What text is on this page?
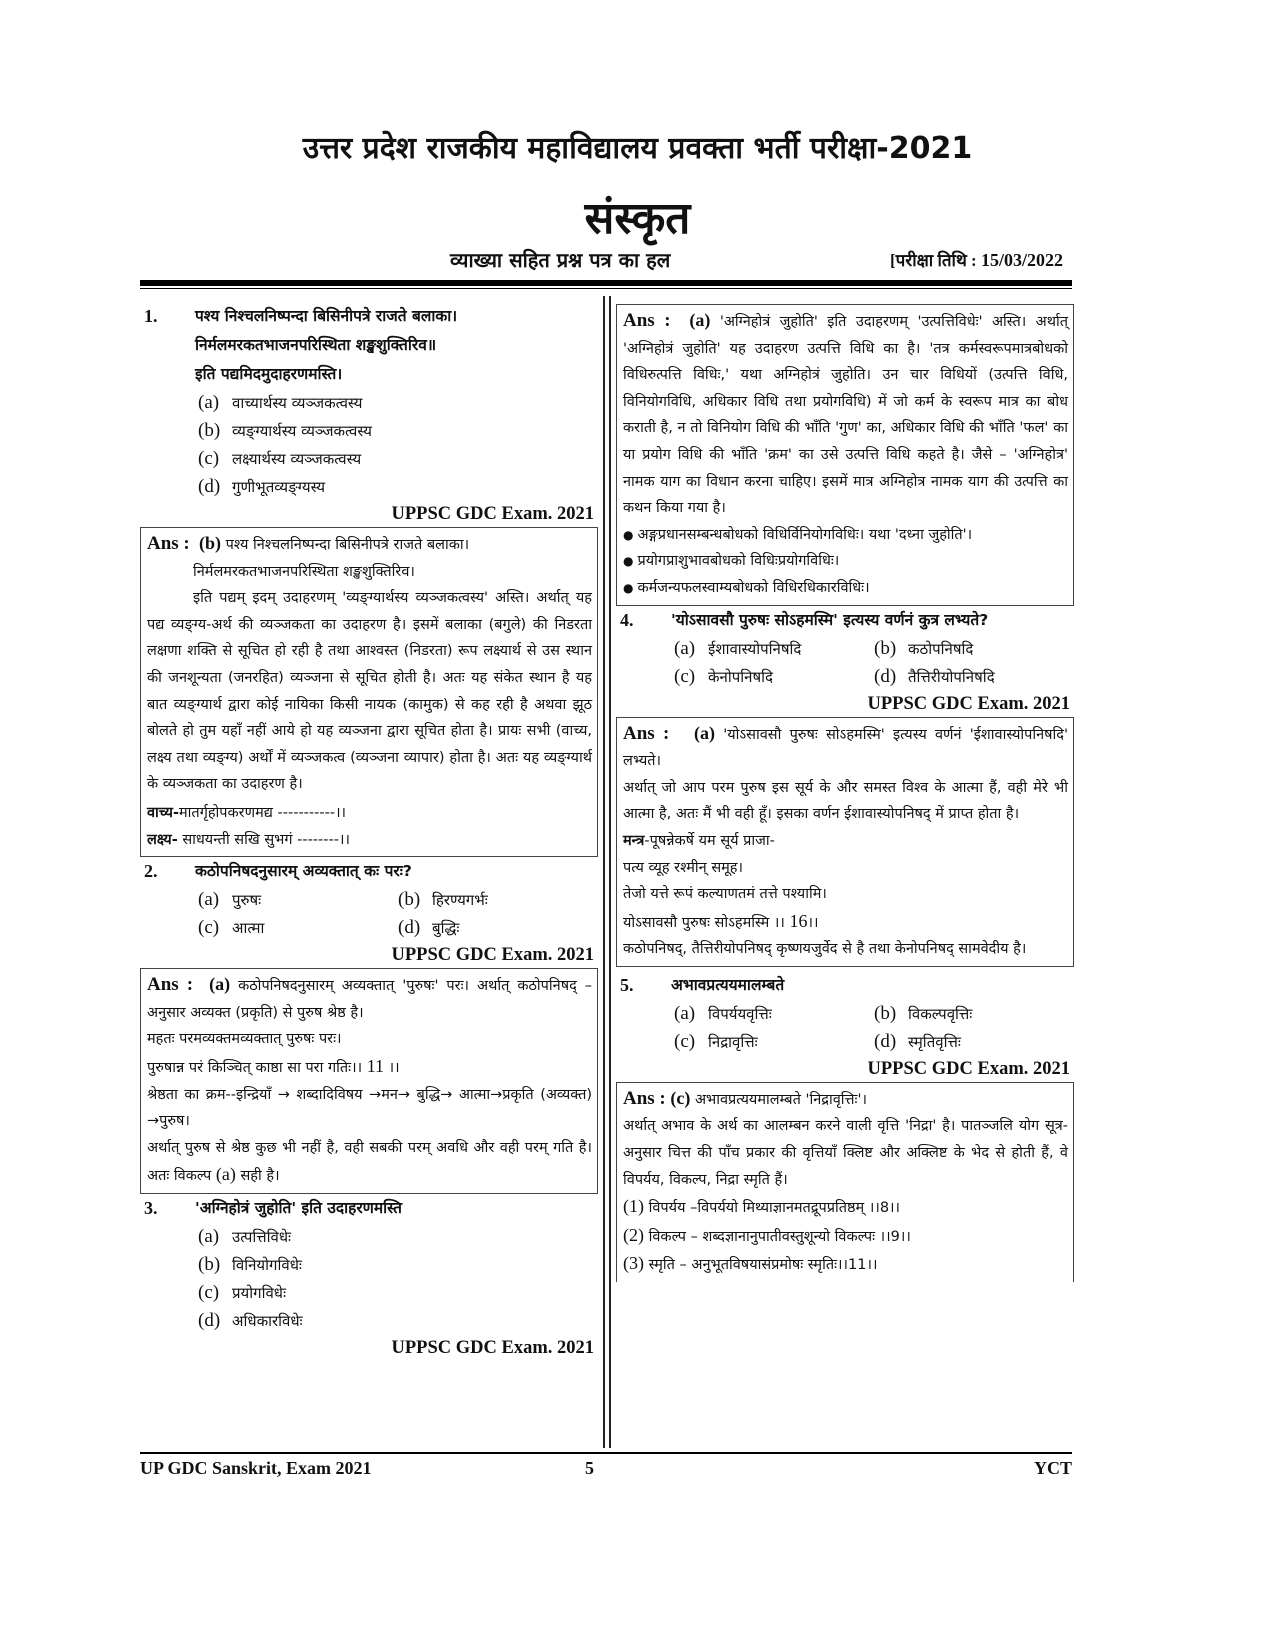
उत्तर प्रदेश राजकीय महाविद्यालय प्रवक्ता भर्ती परीक्षा-2021
संस्कृत
व्याख्या सहित प्रश्न पत्र का हल	[परीक्षा तिथि : 15/03/2022
1.	पश्य निश्चलनिष्पन्दा बिसिनीपत्रे राजते बलाका।
निर्मलमरकतभाजनपरिस्थिता शङ्खशुक्तिरिव॥
इति पद्यमिदमुदाहरणमस्ति।
(a) वाच्यार्थस्य व्यञ्जकत्वस्य
(b) व्यङ्ग्यार्थस्य व्यञ्जकत्वस्य
(c) लक्ष्यार्थस्य व्यञ्जकत्वस्य
(d) गुणीभूतव्यङ्ग्यस्य
UPPSC GDC Exam. 2021
Ans : (b) पश्य निश्चलनिष्पन्दा बिसिनीपत्रे राजते बलाका।
निर्मलमरकतभाजनपरिस्थिता शङ्खशुक्तिरिव।
इति पद्यम् इदम् उदाहरणम् 'व्यङ्ग्यार्थस्य व्यञ्जकत्वस्य' अस्ति। अर्थात् यह पद्य व्यङ्ग्य-अर्थ की व्यञ्जकता का उदाहरण है। इसमें बलाका (बगुले) की निडरता लक्षणा शक्ति से सूचित हो रही है तथा आश्वस्त (निडरता) रूप लक्ष्यार्थ से उस स्थान की जनशून्यता (जनरहित) व्यञ्जना से सूचित होती है। अतः यह संकेत स्थान है यह बात व्यङ्ग्यार्थ द्वारा कोई नायिका किसी नायक (कामुक) से कह रही है अथवा झूठ बोलते हो तुम यहाँ नहीं आये हो यह व्यञ्जना द्वारा सूचित होता है। प्रायः सभी (वाच्य, लक्ष्य तथा व्यङ्ग्य) अर्थों में व्यञ्जकत्व (व्यञ्जना व्यापार) होता है। अतः यह व्यङ्ग्यार्थ के व्यञ्जकता का उदाहरण है।
वाच्य-मातर्गृहोपकरणमद्य -----------।।
लक्ष्य- साधयन्ती सखि सुभगं --------।।
2.	कठोपनिषदनुसारम् अव्यक्तात् कः परः?
(a) पुरुषः	(b) हिरण्यगर्भः
(c) आत्मा	(d) बुद्धिः
UPPSC GDC Exam. 2021
Ans : (a) कठोपनिषदनुसारम् अव्यक्तात् 'पुरुषः' परः। अर्थात् कठोपनिषद् –अनुसार अव्यक्त (प्रकृति) से पुरुष श्रेष्ठ है।
महतः परमव्यक्तमव्यक्तात् पुरुषः परः।
पुरुषान्न परं किञ्चित् काष्ठा सा परा गतिः।। 11 ।।
श्रेष्ठता का क्रम--इन्द्रियाँ → शब्दादिविषय →मन→ बुद्धि→ आत्मा→प्रकृति (अव्यक्त) →पुरुष।
अर्थात् पुरुष से श्रेष्ठ कुछ भी नहीं है, वही सबकी परम् अवधि और वही परम् गति है। अतः विकल्प (a) सही है।
3.	'अग्निहोत्रं जुहोति' इति उदाहरणमस्ति
(a) उत्पत्तिविधेः
(b) विनियोगविधेः
(c) प्रयोगविधेः
(d) अधिकारविधेः
UPPSC GDC Exam. 2021
Ans : (a) 'अग्निहोत्रं जुहोति' इति उदाहरणम् 'उत्पत्तिविधेः' अस्ति। अर्थात् 'अग्निहोत्रं जुहोति' यह उदाहरण उत्पत्ति विधि का है। 'तत्र कर्मस्वरूपमात्रबोधको विधिरुत्पत्ति विधिः,' यथा अग्निहोत्रं जुहोति। उन चार विधियों (उत्पत्ति विधि, विनियोगविधि, अधिकार विधि तथा प्रयोगविधि) में जो कर्म के स्वरूप मात्र का बोध कराती है, न तो विनियोग विधि की भाँति 'गुण' का, अधिकार विधि की भाँति 'फल' का या प्रयोग विधि की भाँति 'क्रम' का उसे उत्पत्ति विधि कहते है। जैसे – 'अग्निहोत्र' नामक याग का विधान करना चाहिए। इसमें मात्र अग्निहोत्र नामक याग की उत्पत्ति का कथन किया गया है।
● अङ्गप्रधानसम्बन्धबोधको विधिर्विनियोगविधिः। यथा 'दध्ना जुहोति'।
● प्रयोगप्राशुभावबोधको विधिःप्रयोगविधिः।
● कर्मजन्यफलस्वाम्यबोधको विधिरधिकारविधिः।
4.	'योऽसावसौ पुरुषः सोऽहमस्मि' इत्यस्य वर्णनं कुत्र लभ्यते?
(a) ईशावास्योपनिषदि	(b) कठोपनिषदि
(c) केनोपनिषदि	(d) तैत्तिरीयोपनिषदि
UPPSC GDC Exam. 2021
Ans : (a) 'योऽसावसौ पुरुषः सोऽहमस्मि' इत्यस्य वर्णनं 'ईशावास्योपनिषदि' लभ्यते।
अर्थात् जो आप परम पुरुष इस सूर्य के और समस्त विश्व के आत्मा हैं, वही मेरे भी आत्मा है, अतः मैं भी वही हूँ। इसका वर्णन ईशावास्योपनिषद् में प्राप्त होता है।
मन्त्र-पूषन्नेकर्षे यम सूर्य प्राजा-
पत्य व्यूह रश्मीन् समूह।
तेजो यत्ते रूपं कल्याणतमं तत्ते पश्यामि।
योऽसावसौ पुरुषः सोऽहमस्मि ।। 16।।
कठोपनिषद्, तैत्तिरीयोपनिषद् कृष्णयजुर्वेद से है तथा केनोपनिषद् सामवेदीय है।
5.	अभावप्रत्ययमालम्बते
(a) विपर्ययवृत्तिः	(b) विकल्पवृत्तिः
(c) निद्रावृत्तिः	(d) स्मृतिवृत्तिः
UPPSC GDC Exam. 2021
Ans : (c) अभावप्रत्ययमालम्बते 'निद्रावृत्तिः'।
अर्थात् अभाव के अर्थ का आलम्बन करने वाली वृत्ति 'निद्रा' है। पातञ्जलि योग सूत्र-अनुसार चित्त की पाँच प्रकार की वृत्तियाँ क्लिष्ट और अक्लिष्ट के भेद से होती हैं, वे विपर्यय, विकल्प, निद्रा स्मृति हैं।
(1) विपर्यय –विपर्ययो मिथ्याज्ञानमतद्रूपप्रतिष्ठम् ।।8।।
(2) विकल्प – शब्दज्ञानानुपातीवस्तुशून्यो विकल्पः ।।9।।
(3) स्मृति – अनुभूतविषयासंप्रमोषः स्मृतिः।।11।।
UP GDC Sanskrit, Exam 2021	5	YCT
